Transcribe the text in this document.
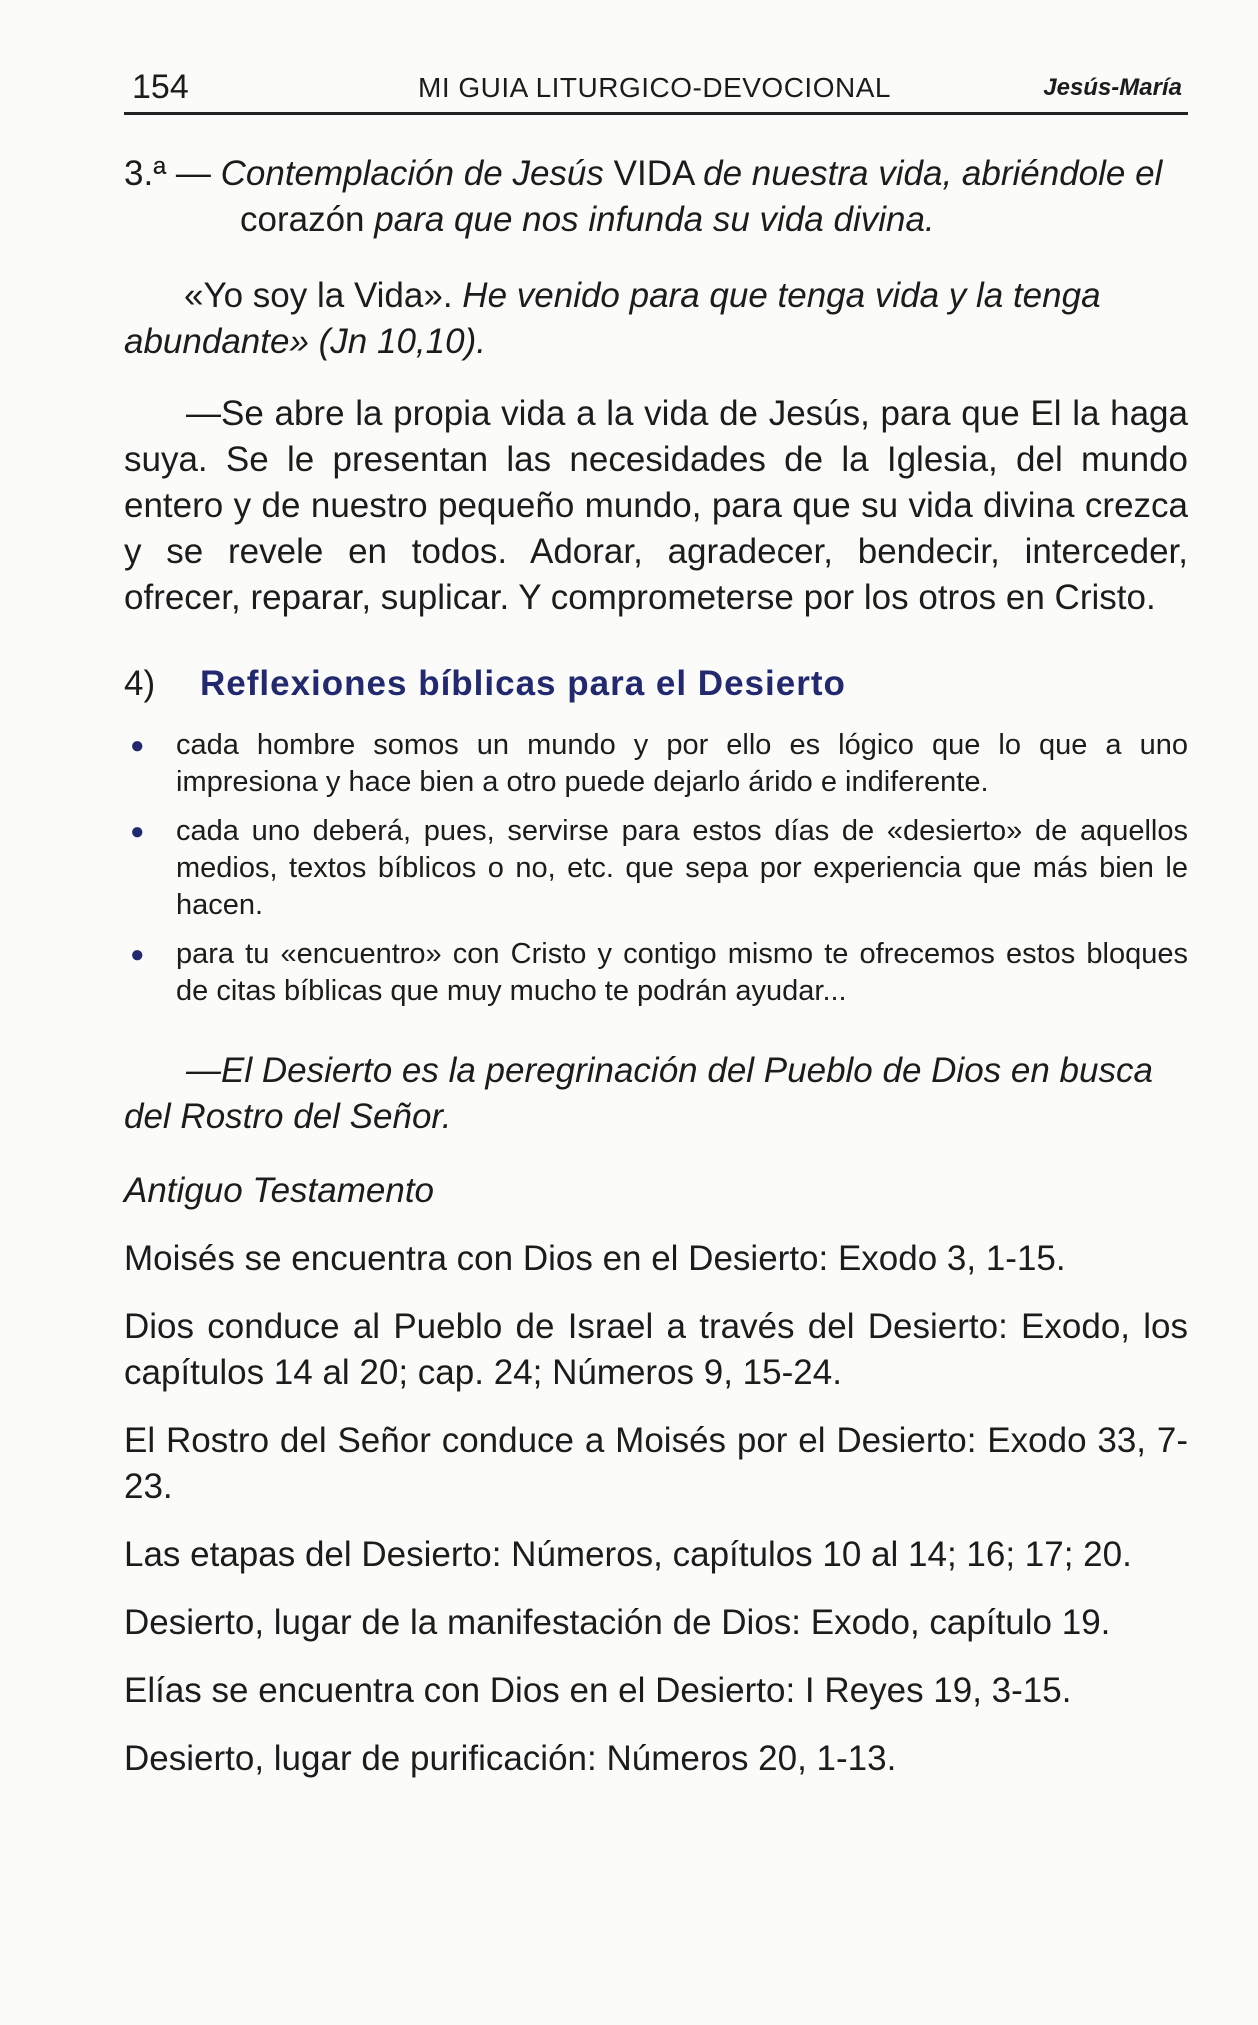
154	MI GUIA LITURGICO-DEVOCIONAL	Jesús-María

3.ª — Contemplación de Jesús VIDA de nuestra vida, abriéndole el corazón para que nos infunda su vida divina.

«Yo soy la Vida». He venido para que tenga vida y la tenga abundante» (Jn 10,10).

—Se abre la propia vida a la vida de Jesús, para que El la haga suya. Se le presentan las necesidades de la Iglesia, del mundo entero y de nuestro pequeño mundo, para que su vida divina crezca y se revele en todos. Adorar, agradecer, bendecir, interceder, ofrecer, reparar, suplicar. Y comprometerse por los otros en Cristo.

4) Reflexiones bíblicas para el Desierto
● cada hombre somos un mundo y por ello es lógico que lo que a uno impresiona y hace bien a otro puede dejarlo árido e indiferente.
● cada uno deberá, pues, servirse para estos días de «desierto» de aquellos medios, textos bíblicos o no, etc. que sepa por experiencia que más bien le hacen.
● para tu «encuentro» con Cristo y contigo mismo te ofrecemos estos bloques de citas bíblicas que muy mucho te podrán ayudar...

—El Desierto es la peregrinación del Pueblo de Dios en busca del Rostro del Señor.

Antiguo Testamento

Moisés se encuentra con Dios en el Desierto: Exodo 3, 1-15.

Dios conduce al Pueblo de Israel a través del Desierto: Exodo, los capítulos 14 al 20; cap. 24; Números 9, 15-24.

El Rostro del Señor conduce a Moisés por el Desierto: Exodo 33, 7-23.

Las etapas del Desierto: Números, capítulos 10 al 14; 16; 17; 20.

Desierto, lugar de la manifestación de Dios: Exodo, capítulo 19.

Elías se encuentra con Dios en el Desierto: I Reyes 19, 3-15.

Desierto, lugar de purificación: Números 20, 1-13.
